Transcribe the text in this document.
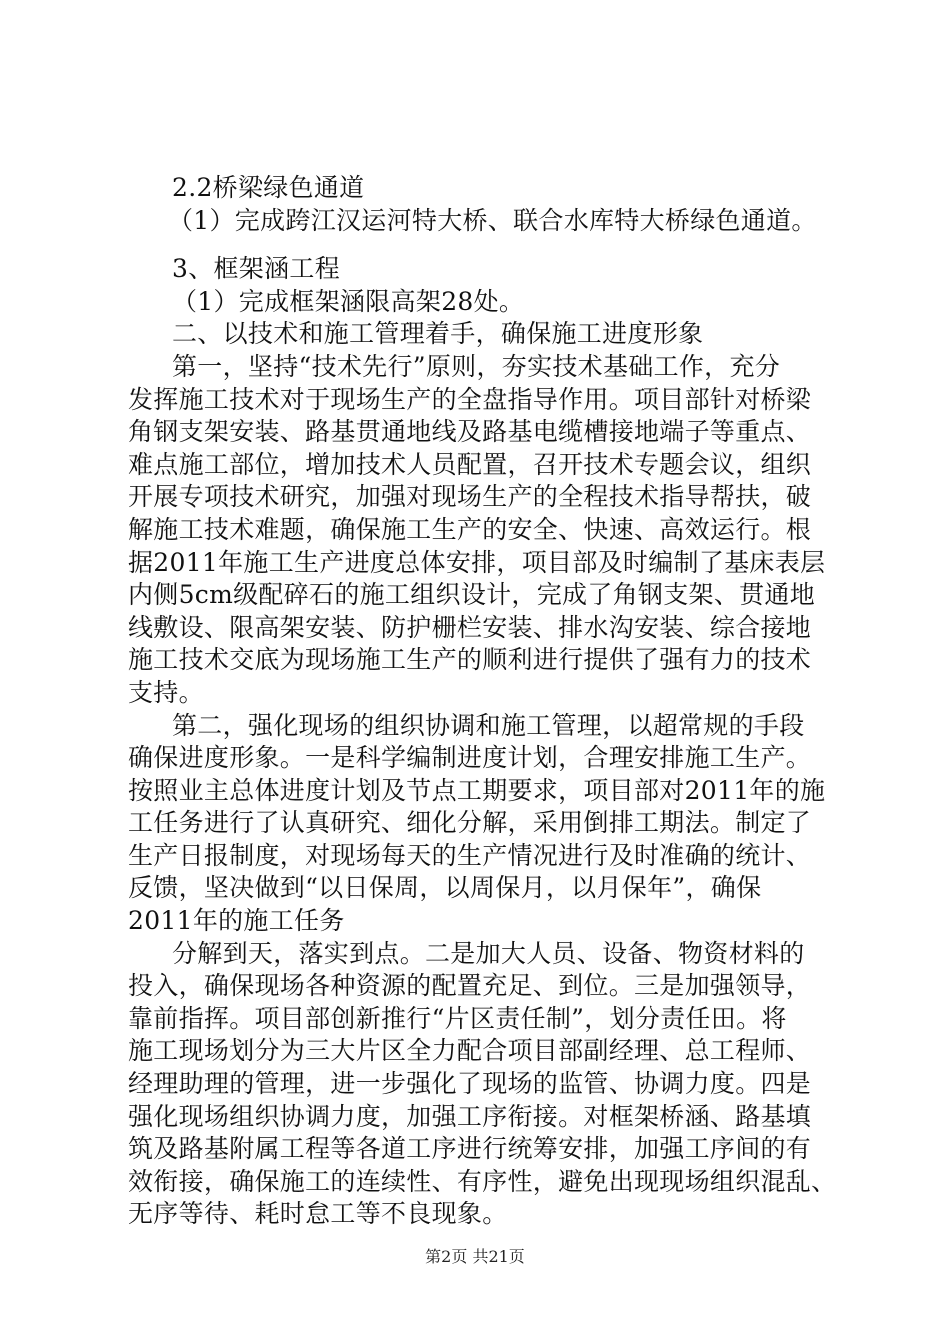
2.2桥梁绿色通道
（1）完成跨江汉运河特大桥、联合水库特大桥绿色通道。
3、框架涵工程
（1）完成框架涵限高架28处。
二、以技术和施工管理着手，确保施工进度形象
第一，坚持“技术先行”原则，夯实技术基础工作，充分
发挥施工技术对于现场生产的全盘指导作用。项目部针对桥梁
角钢支架安装、路基贯通地线及路基电缆槽接地端子等重点、
难点施工部位，增加技术人员配置，召开技术专题会议，组织
开展专项技术研究，加强对现场生产的全程技术指导帮扶，破
解施工技术难题，确保施工生产的安全、快速、高效运行。根
据2011年施工生产进度总体安排，项目部及时编制了基床表层
内侧5cm级配碎石的施工组织设计，完成了角钢支架、贯通地
线敷设、限高架安装、防护栅栏安装、排水沟安装、综合接地
施工技术交底为现场施工生产的顺利进行提供了强有力的技术
支持。
第二，强化现场的组织协调和施工管理，以超常规的手段
确保进度形象。一是科学编制进度计划，合理安排施工生产。
按照业主总体进度计划及节点工期要求，项目部对2011年的施
工任务进行了认真研究、细化分解，采用倒排工期法。制定了
生产日报制度，对现场每天的生产情况进行及时准确的统计、
反馈，坚决做到“以日保周，以周保月，以月保年”，确保
2011年的施工任务
分解到天，落实到点。二是加大人员、设备、物资材料的
投入，确保现场各种资源的配置充足、到位。三是加强领导，
靠前指挥。项目部创新推行“片区责任制”，划分责任田。将
施工现场划分为三大片区全力配合项目部副经理、总工程师、
经理助理的管理，进一步强化了现场的监管、协调力度。四是
强化现场组织协调力度，加强工序衔接。对框架桥涵、路基填
筑及路基附属工程等各道工序进行统筹安排，加强工序间的有
效衔接，确保施工的连续性、有序性，避免出现现场组织混乱、
无序等待、耗时怠工等不良现象。
第2页 共21页
